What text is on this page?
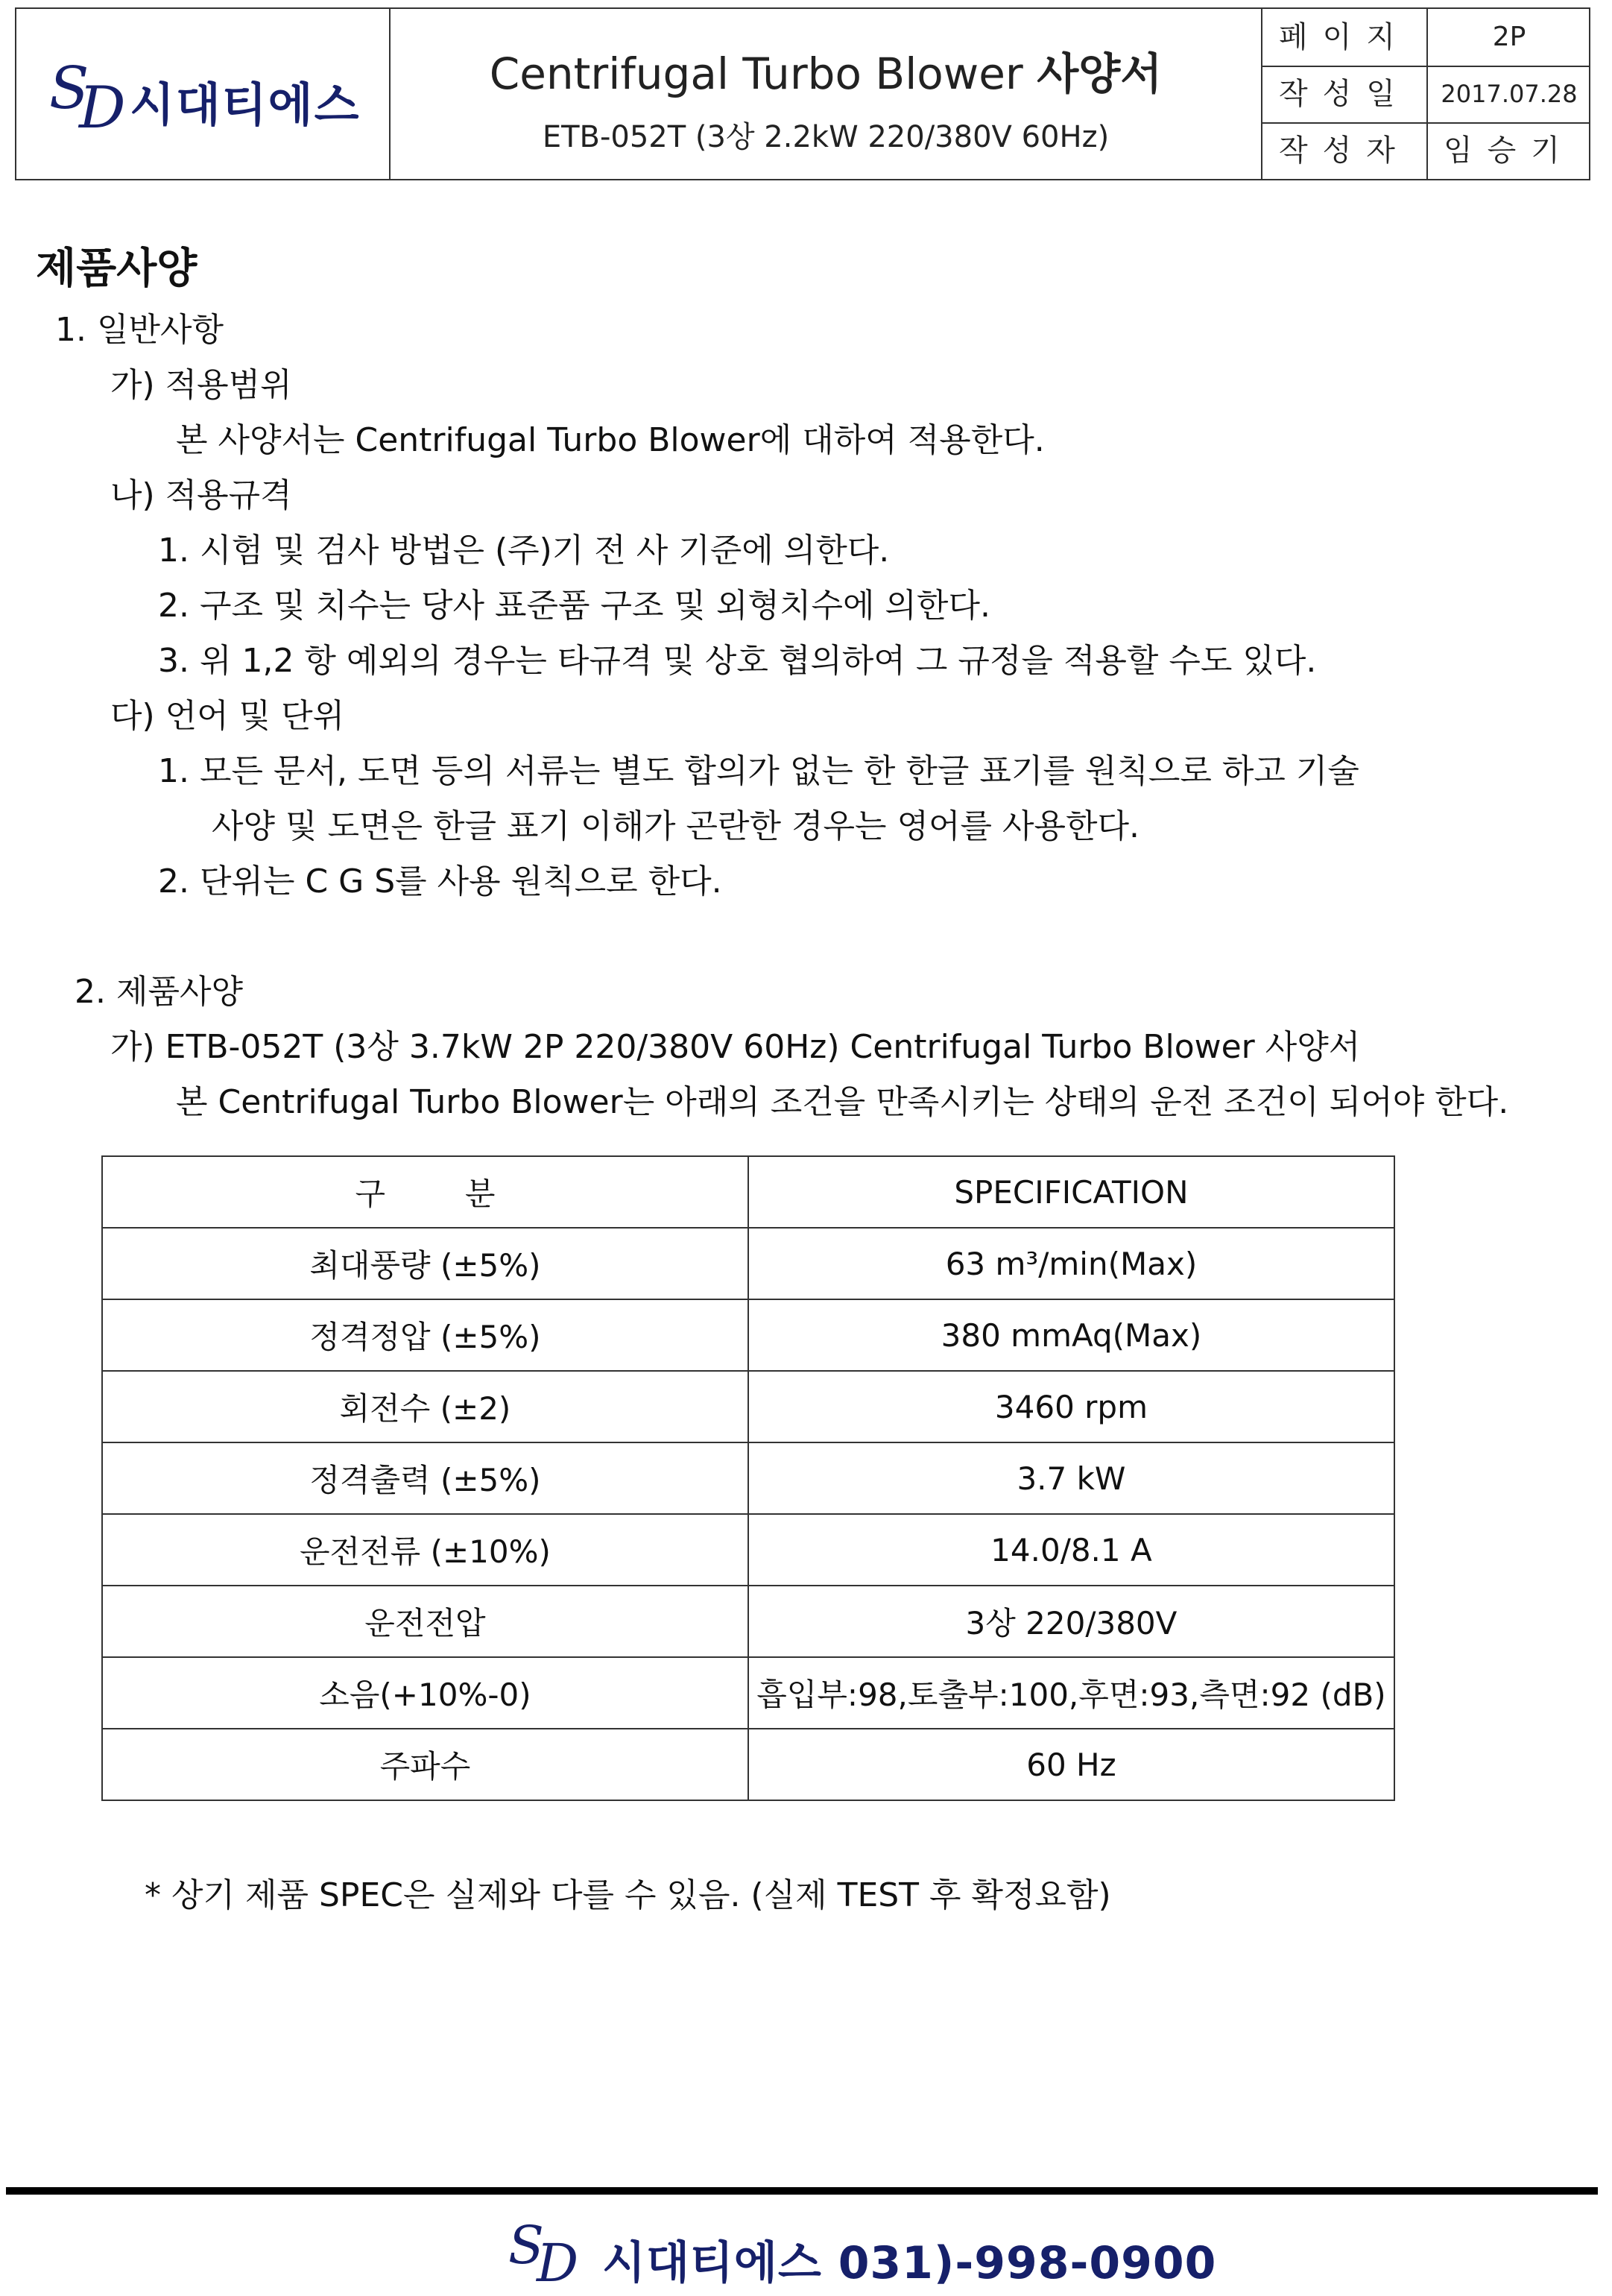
S
D 시대티에스
Centrifugal Turbo Blower 사양서
ETB-052T (3상 2.2kW 220/380V 60Hz)
페이지	2P
작성일	2017.07.28
작성자	임승기
제품사양
1. 일반사항
가) 적용범위
본 사양서는 Centrifugal Turbo Blower에 대하여 적용한다.
나) 적용규격
1. 시험 및 검사 방법은 (주)기 전 사 기준에 의한다.
2. 구조 및 치수는 당사 표준품 구조 및 외형치수에 의한다.
3. 위 1,2 항 예외의 경우는 타규격 및 상호 협의하여 그 규정을 적용할 수도 있다.
다) 언어 및 단위
1. 모든 문서, 도면 등의 서류는 별도 합의가 없는 한 한글 표기를 원칙으로 하고 기술
사양 및 도면은 한글 표기 이해가 곤란한 경우는 영어를 사용한다.
2. 단위는 C G S를 사용 원칙으로 한다.
2. 제품사양
가) ETB-052T (3상 3.7kW 2P 220/380V 60Hz) Centrifugal Turbo Blower 사양서
본 Centrifugal Turbo Blower는 아래의 조건을 만족시키는 상태의 운전 조건이 되어야 한다.
구        분	SPECIFICATION
최대풍량 (±5%)	63 m³/min(Max)
정격정압 (±5%)	380 mmAq(Max)
회전수 (±2)	3460 rpm
정격출력 (±5%)	3.7 kW
운전전류 (±10%)	14.0/8.1 A
운전전압	3상 220/380V
소음(+10%-0)	흡입부:98,토출부:100,후면:93,측면:92 (dB)
주파수	60 Hz
* 상기 제품 SPEC은 실제와 다를 수 있음. (실제 TEST 후 확정요함)
S
D 시대티에스 031)-998-0900
